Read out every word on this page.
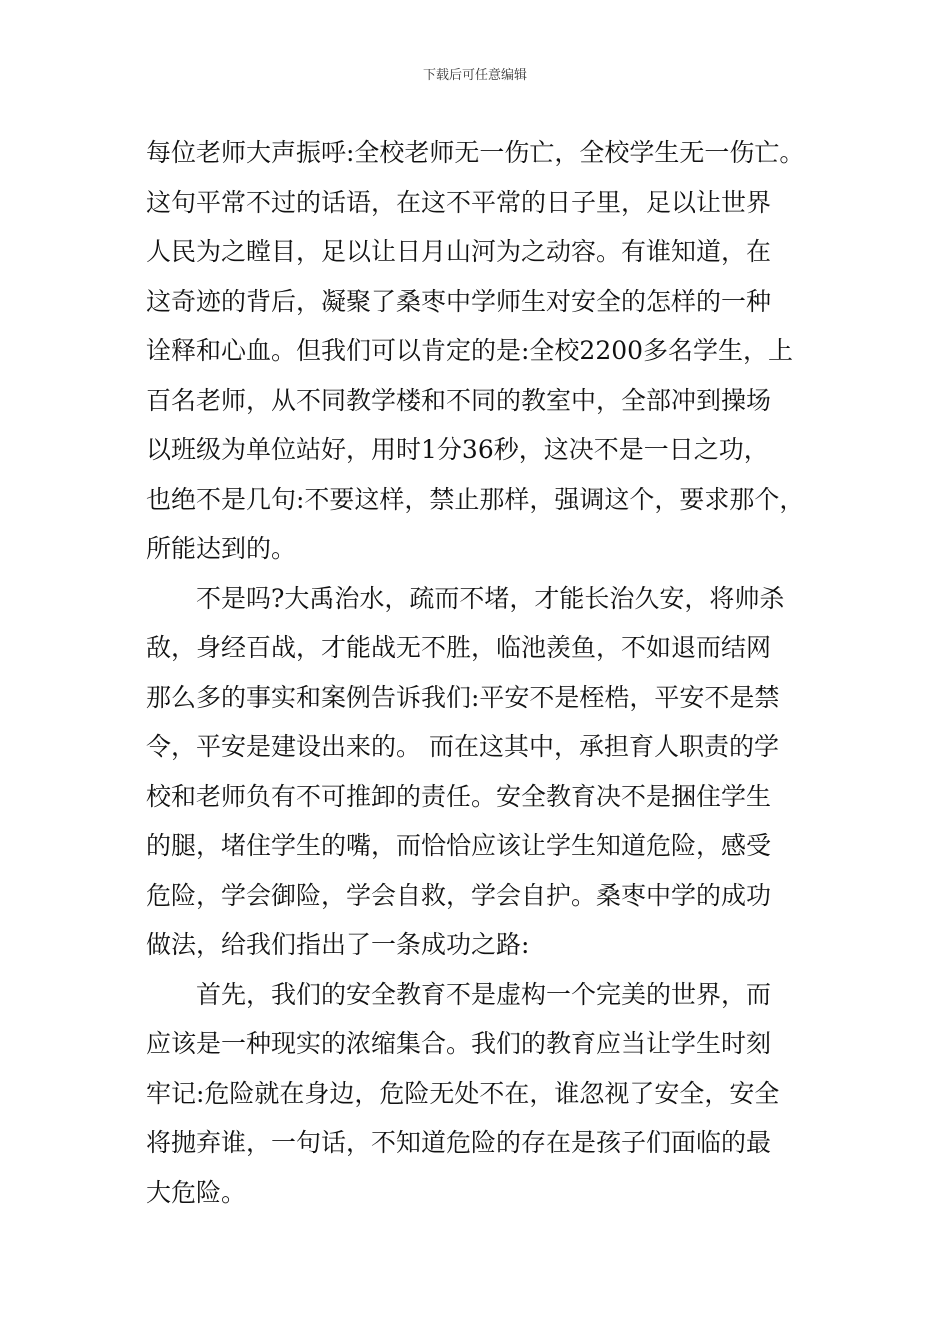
下载后可任意编辑
每位老师大声振呼:全校老师无一伤亡，全校学生无一伤亡。
这句平常不过的话语，在这不平常的日子里，足以让世界
人民为之瞠目，足以让日月山河为之动容。有谁知道，在
这奇迹的背后，凝聚了桑枣中学师生对安全的怎样的一种
诠释和心血。但我们可以肯定的是:全校2200多名学生，上
百名老师，从不同教学楼和不同的教室中，全部冲到操场
以班级为单位站好，用时1分36秒，这决不是一日之功，
也绝不是几句:不要这样，禁止那样，强调这个，要求那个，
所能达到的。
不是吗?大禹治水，疏而不堵，才能长治久安，将帅杀
敌，身经百战，才能战无不胜，临池羡鱼，不如退而结网
那么多的事实和案例告诉我们:平安不是桎梏，平安不是禁
令，平安是建设出来的。 而在这其中，承担育人职责的学
校和老师负有不可推卸的责任。安全教育决不是捆住学生
的腿，堵住学生的嘴，而恰恰应该让学生知道危险，感受
危险，学会御险，学会自救，学会自护。桑枣中学的成功
做法，给我们指出了一条成功之路:
首先，我们的安全教育不是虚构一个完美的世界，而
应该是一种现实的浓缩集合。我们的教育应当让学生时刻
牢记:危险就在身边，危险无处不在，谁忽视了安全，安全
将抛弃谁，一句话，不知道危险的存在是孩子们面临的最
大危险。
